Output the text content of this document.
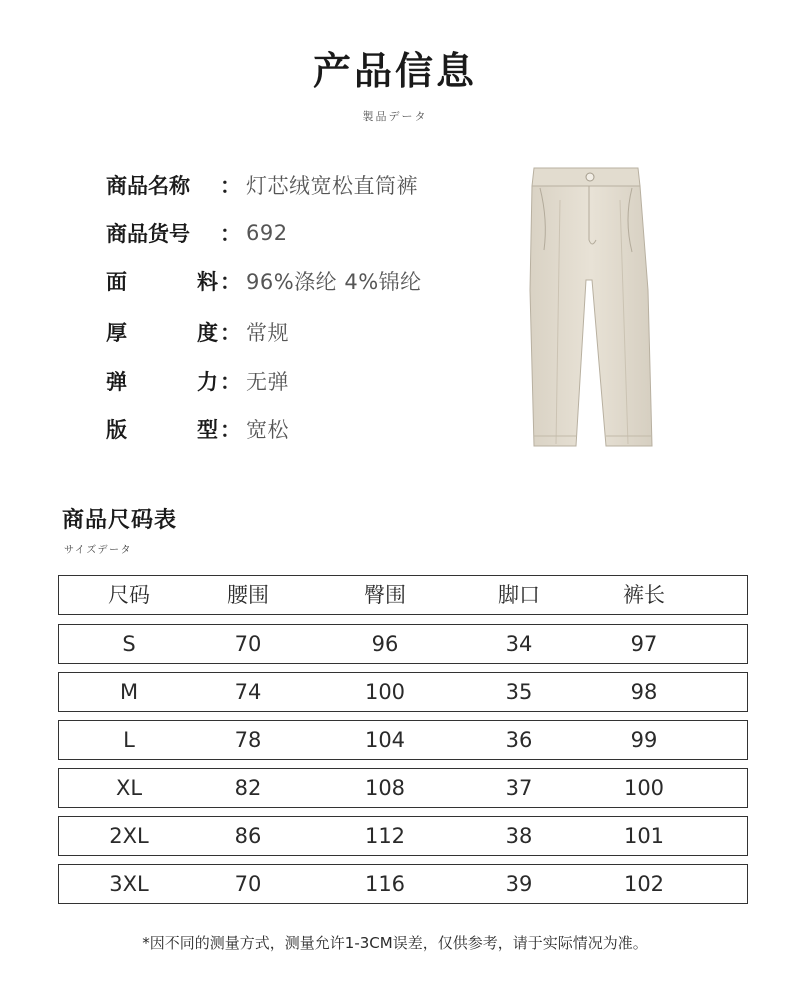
产品信息
製品データ
商品名称 ： 灯芯绒宽松直筒裤
商品货号 ： 692
面	料 ： 96%涤纶 4%锦纶
厚	度 ： 常规
弹	力 ： 无弹
版	型 ： 宽松
商品尺码表
サイズデータ
尺码	腰围	臀围	脚口	裤长
S	70	96	34	97
M	74	100	35	98
L	78	104	36	99
XL	82	108	37	100
2XL	86	112	38	101
3XL	70	116	39	102
*因不同的测量方式，测量允许1-3CM误差，仅供参考，请于实际情况为准。
